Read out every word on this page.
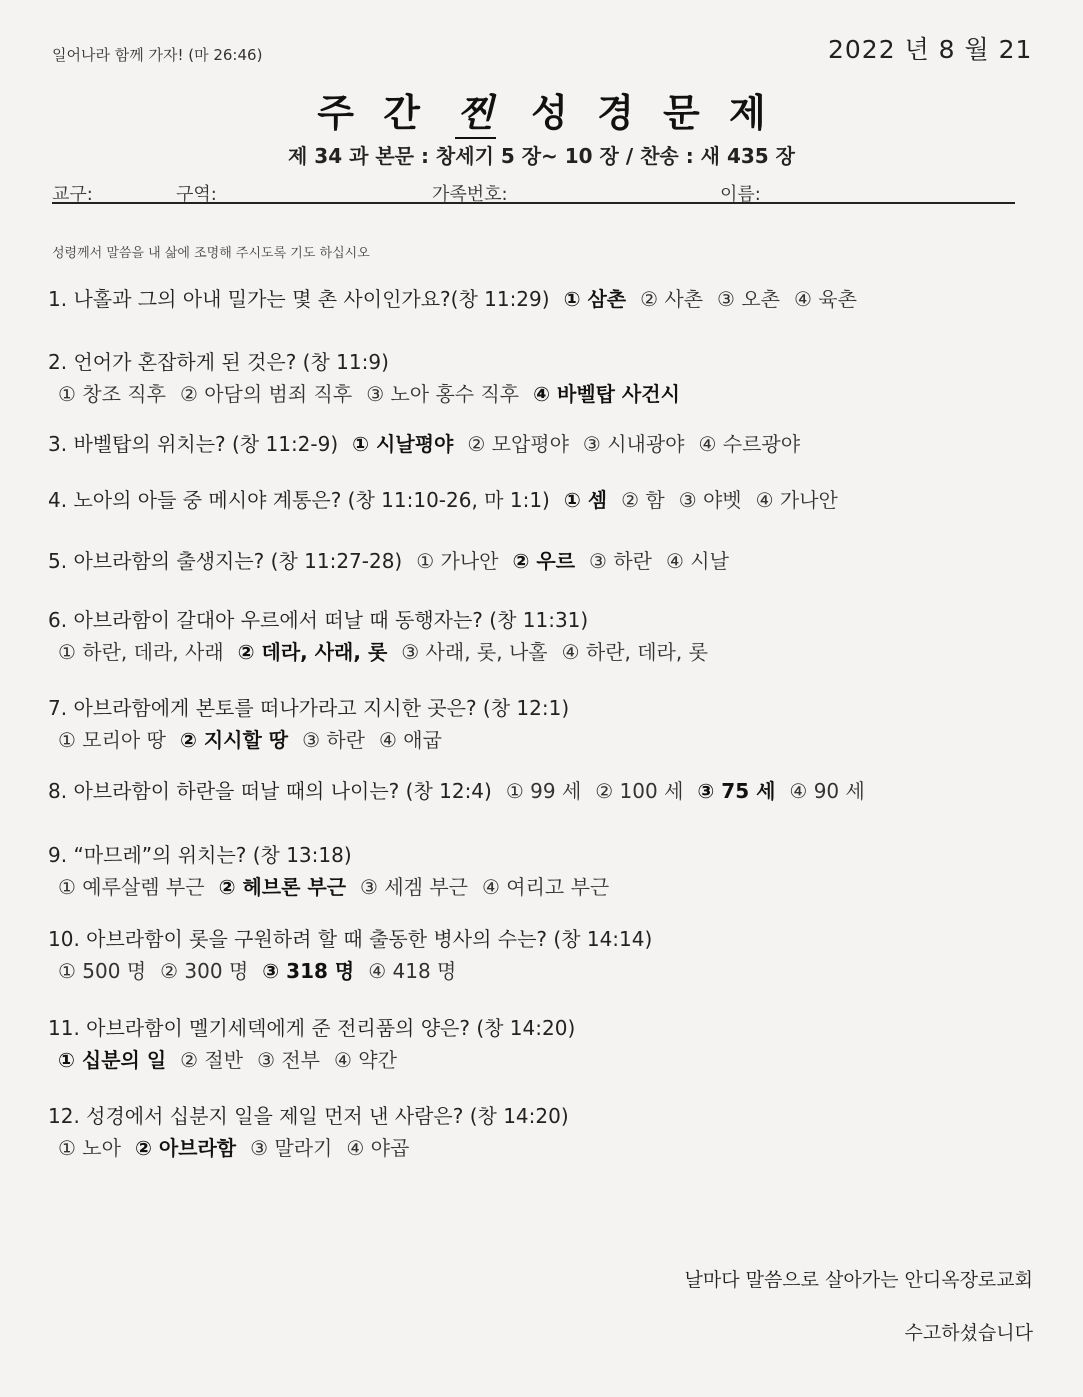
일어나라 함께 가자! (마 26:46)	2022 년 8 월 21
주 간 찐 성 경 문 제
제 34 과 본문 : 창세기 5 장~ 10 장 / 찬송 : 새 435 장
교구:	구역:	가족번호:	이름:
성령께서 말씀을 내 삶에 조명해 주시도록 기도 하십시오
1. 나홀과 그의 아내 밀가는 몇 촌 사이인가요?(창 11:29) ① 삼촌 ② 사촌 ③ 오촌 ④ 육촌
2. 언어가 혼잡하게 된 것은? (창 11:9)
① 창조 직후 ② 아담의 범죄 직후 ③ 노아 홍수 직후 ④ 바벨탑 사건시
3. 바벨탑의 위치는? (창 11:2-9) ① 시날평야 ② 모압평야 ③ 시내광야 ④ 수르광야
4. 노아의 아들 중 메시야 계통은? (창 11:10-26, 마 1:1) ① 셈 ② 함 ③ 야벳 ④ 가나안
5. 아브라함의 출생지는? (창 11:27-28) ① 가나안 ② 우르 ③ 하란 ④ 시날
6. 아브라함이 갈대아 우르에서 떠날 때 동행자는? (창 11:31)
① 하란, 데라, 사래 ② 데라, 사래, 롯 ③ 사래, 롯, 나홀 ④ 하란, 데라, 롯
7. 아브라함에게 본토를 떠나가라고 지시한 곳은? (창 12:1)
① 모리아 땅 ② 지시할 땅 ③ 하란 ④ 애굽
8. 아브라함이 하란을 떠날 때의 나이는? (창 12:4) ① 99 세 ② 100 세 ③ 75 세 ④ 90 세
9. “마므레”의 위치는? (창 13:18)
① 예루살렘 부근 ② 헤브론 부근 ③ 세겜 부근 ④ 여리고 부근
10. 아브라함이 롯을 구원하려 할 때 출동한 병사의 수는? (창 14:14)
① 500 명 ② 300 명 ③ 318 명 ④ 418 명
11. 아브라함이 멜기세덱에게 준 전리품의 양은? (창 14:20)
① 십분의 일 ② 절반 ③ 전부 ④ 약간
12. 성경에서 십분지 일을 제일 먼저 낸 사람은? (창 14:20)
① 노아 ② 아브라함 ③ 말라기 ④ 야곱
날마다 말씀으로 살아가는 안디옥장로교회
수고하셨습니다
